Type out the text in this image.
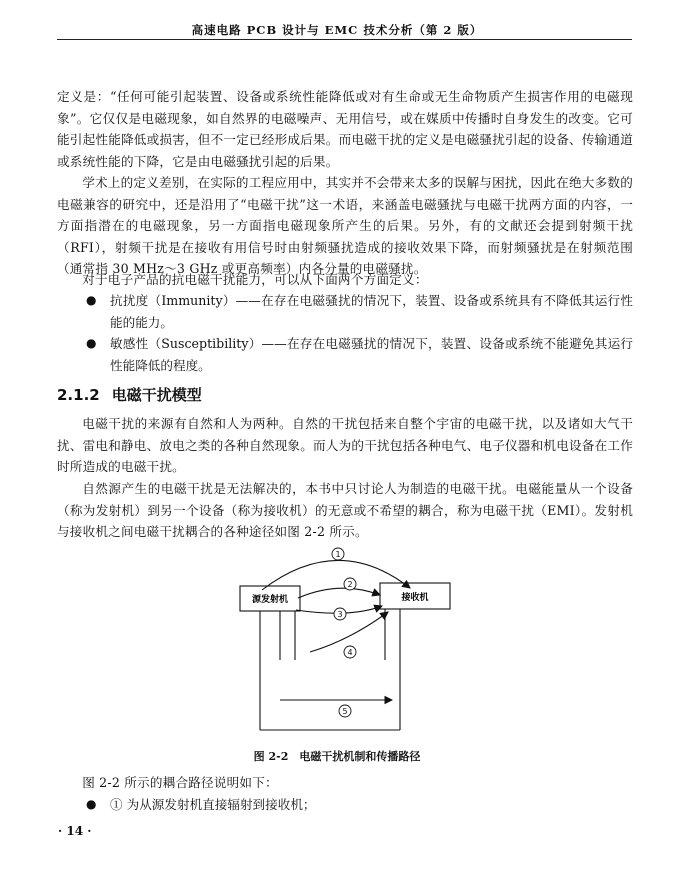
高速电路 PCB 设计与 EMC 技术分析（第 2 版）

定义是：“任何可能引起装置、设备或系统性能降低或对有生命或无生命物质产生损害作用的电磁现象”。它仅仅是电磁现象，如自然界的电磁噪声、无用信号，或在媒质中传播时自身发生的改变。它可能引起性能降低或损害，但不一定已经形成后果。而电磁干扰的定义是电磁骚扰引起的设备、传输通道或系统性能的下降，它是由电磁骚扰引起的后果。

学术上的定义差别，在实际的工程应用中，其实并不会带来太多的误解与困扰，因此在绝大多数的电磁兼容的研究中，还是沿用了“电磁干扰”这一术语，来涵盖电磁骚扰与电磁干扰两方面的内容，一方面指潜在的电磁现象，另一方面指电磁现象所产生的后果。另外，有的文献还会提到射频干扰（RFI），射频干扰是在接收有用信号时由射频骚扰造成的接收效果下降，而射频骚扰是在射频范围（通常指 30 MHz～3 GHz 或更高频率）内各分量的电磁骚扰。

对于电子产品的抗电磁干扰能力，可以从下面两个方面定义：

●	抗扰度（Immunity）——在存在电磁骚扰的情况下，装置、设备或系统具有不降低其运行性能的能力。
●	敏感性（Susceptibility）——在存在电磁骚扰的情况下，装置、设备或系统不能避免其运行性能降低的程度。
2.1.2 电磁干扰模型

电磁干扰的来源有自然和人为两种。自然的干扰包括来自整个宇宙的电磁干扰，以及诸如大气干扰、雷电和静电、放电之类的各种自然现象。而人为的干扰包括各种电气、电子仪器和机电设备在工作时所造成的电磁干扰。

自然源产生的电磁干扰是无法解决的，本书中只讨论人为制造的电磁干扰。电磁能量从一个设备（称为发射机）到另一个设备（称为接收机）的无意或不希望的耦合，称为电磁干扰（EMI）。发射机与接收机之间电磁干扰耦合的各种途径如图 2-2 所示。

源发射机	接收机
1
2
3
4
5
图 2-2　电磁干扰机制和传播路径

图 2-2 所示的耦合路径说明如下：

●	① 为从源发射机直接辐射到接收机；
· 14 ·
